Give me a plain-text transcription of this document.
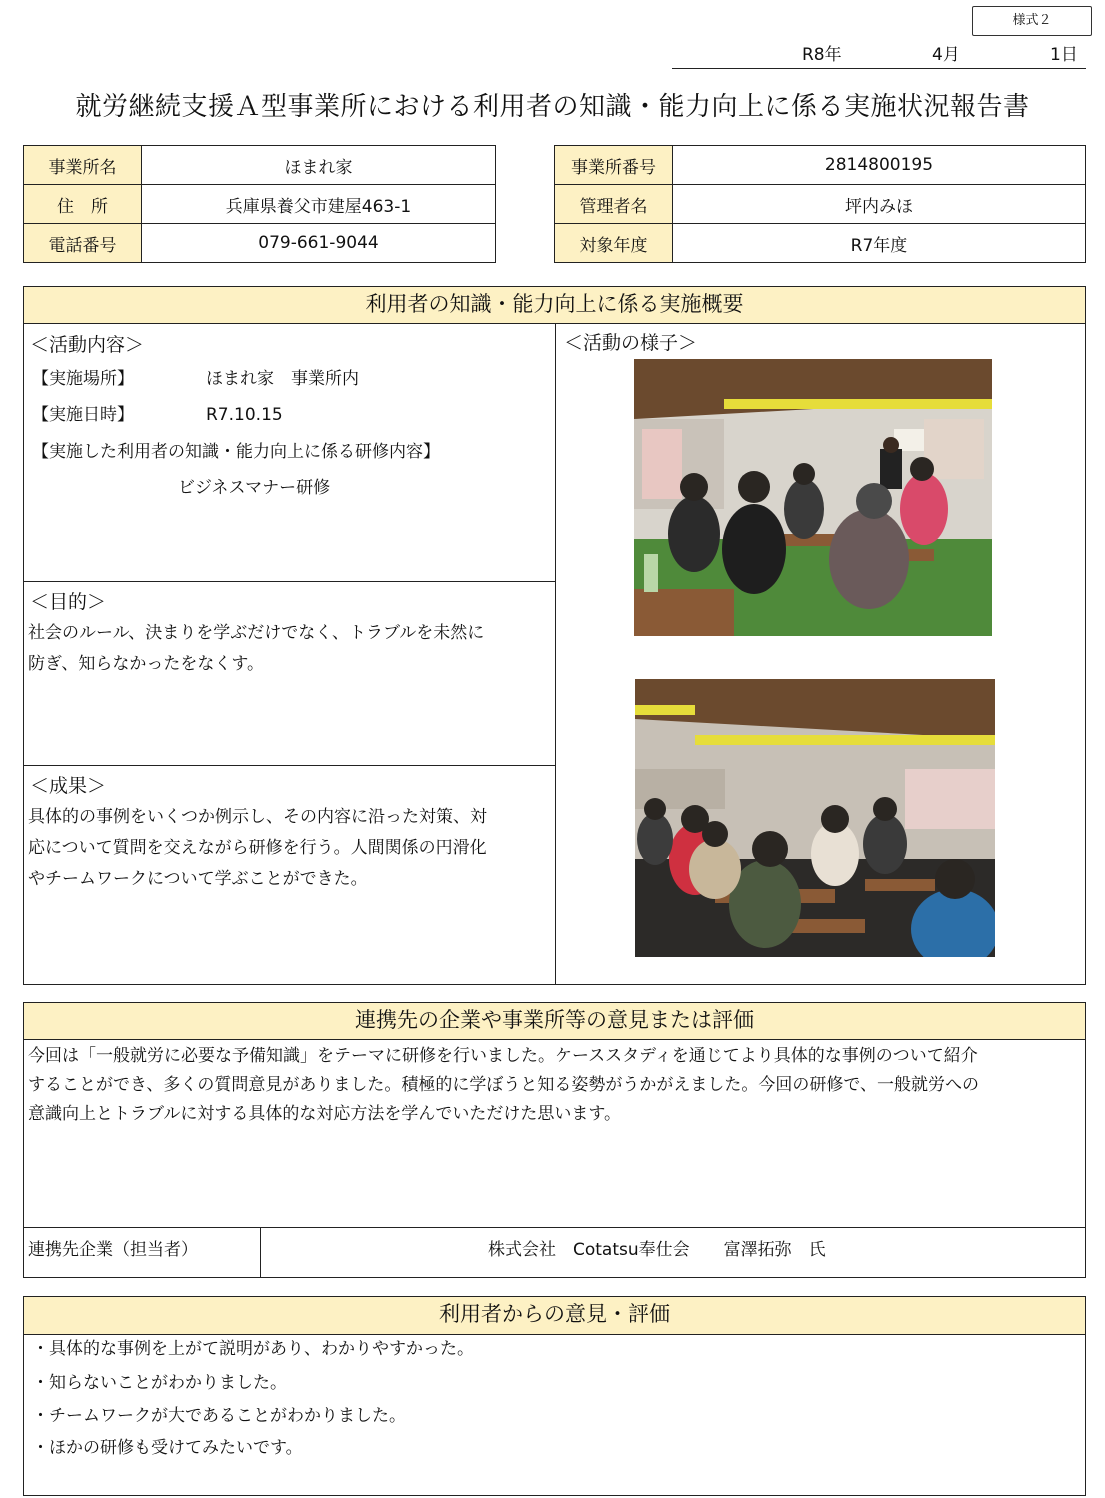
様式２
R8年	4月	1日
就労継続支援Ａ型事業所における利用者の知識・能力向上に係る実施状況報告書
事業所名	ほまれ家
住　所	兵庫県養父市建屋463-1
電話番号	079-661-9044
事業所番号	2814800195
管理者名	坪内みほ
対象年度	R7年度
利用者の知識・能力向上に係る実施概要
＜活動内容＞
【実施場所】	ほまれ家　事業所内
【実施日時】	R7.10.15
【実施した利用者の知識・能力向上に係る研修内容】
ビジネスマナー研修
＜目的＞
社会のルール、決まりを学ぶだけでなく、トラブルを未然に
防ぎ、知らなかったをなくす。
＜成果＞
具体的の事例をいくつか例示し、その内容に沿った対策、対
応について質問を交えながら研修を行う。人間関係の円滑化
やチームワークについて学ぶことができた。
＜活動の様子＞
連携先の企業や事業所等の意見または評価
今回は「一般就労に必要な予備知識」をテーマに研修を行いました。ケーススタディを通じてより具体的な事例のついて紹介
することができ、多くの質問意見がありました。積極的に学ぼうと知る姿勢がうかがえました。今回の研修で、一般就労への
意識向上とトラブルに対する具体的な対応方法を学んでいただけた思います。
連携先企業（担当者）	株式会社　Cotatsu奉仕会　　富澤拓弥　氏
利用者からの意見・評価
・具体的な事例を上がて説明があり、わかりやすかった。
・知らないことがわかりました。
・チームワークが大であることがわかりました。
・ほかの研修も受けてみたいです。
